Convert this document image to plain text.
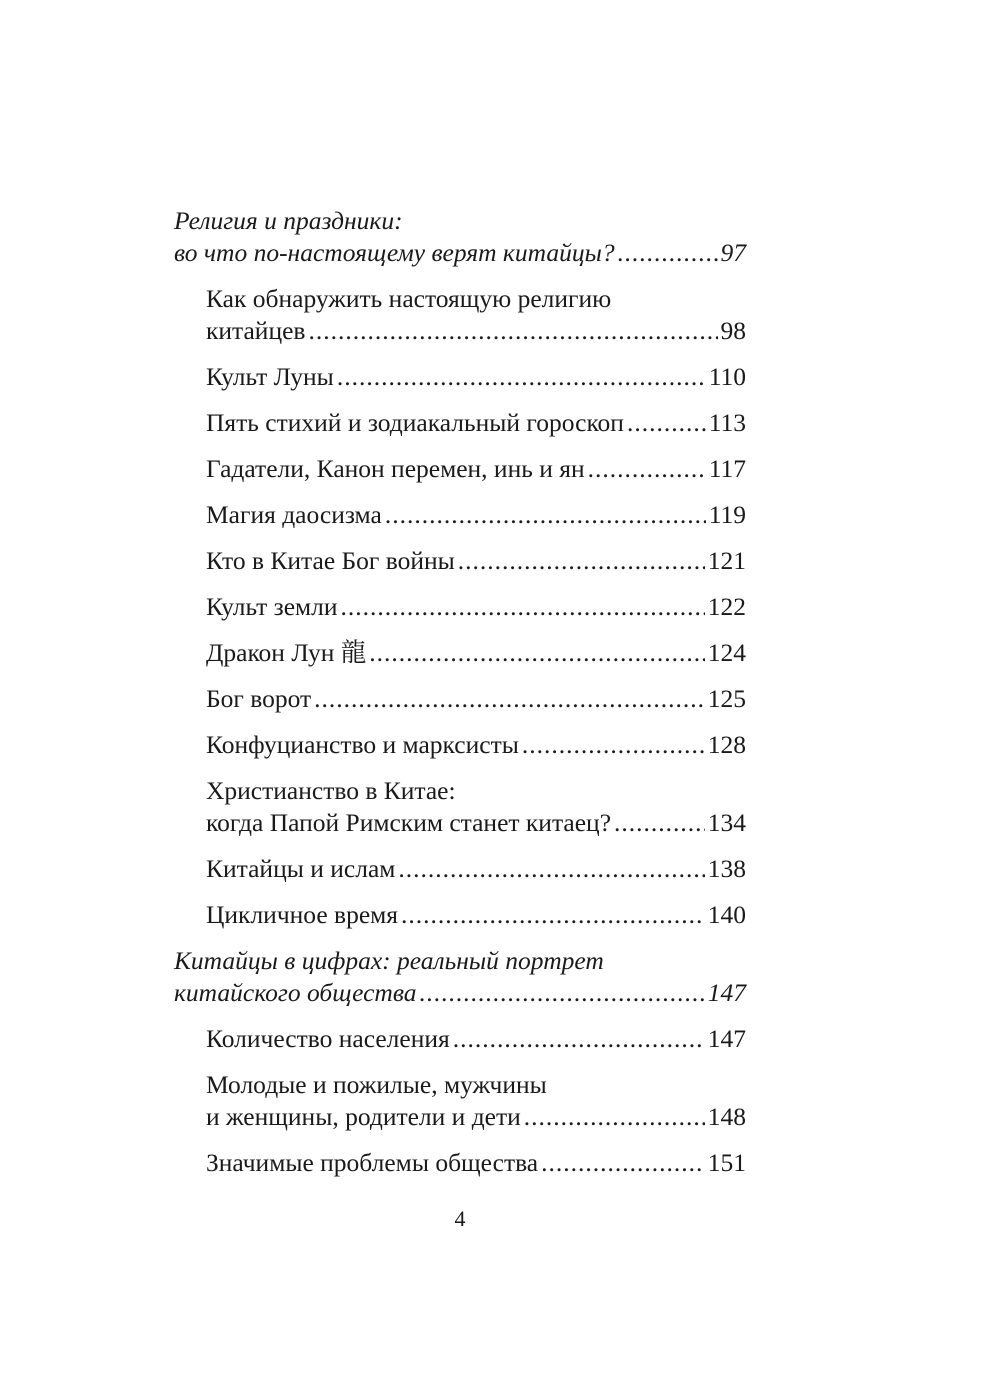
Религия и праздники:
во что по-настоящему верят китайцы? .....	97
Как обнаружить настоящую религию
китайцев .....	98
Культ Луны .....	110
Пять стихий и зодиакальный гороскоп .....	113
Гадатели, Канон перемен, инь и ян .....	117
Магия даосизма .....	119
Кто в Китае Бог войны .....	121
Культ земли .....	122
Дракон Лун 龍 .....	124
Бог ворот .....	125
Конфуцианство и марксисты .....	128
Христианство в Китае:
когда Папой Римским станет китаец? .....	134
Китайцы и ислам .....	138
Цикличное время .....	140
Китайцы в цифрах: реальный портрет
китайского общества .....	147
Количество населения .....	147
Молодые и пожилые, мужчины
и женщины, родители и дети .....	148
Значимые проблемы общества .....	151
4
